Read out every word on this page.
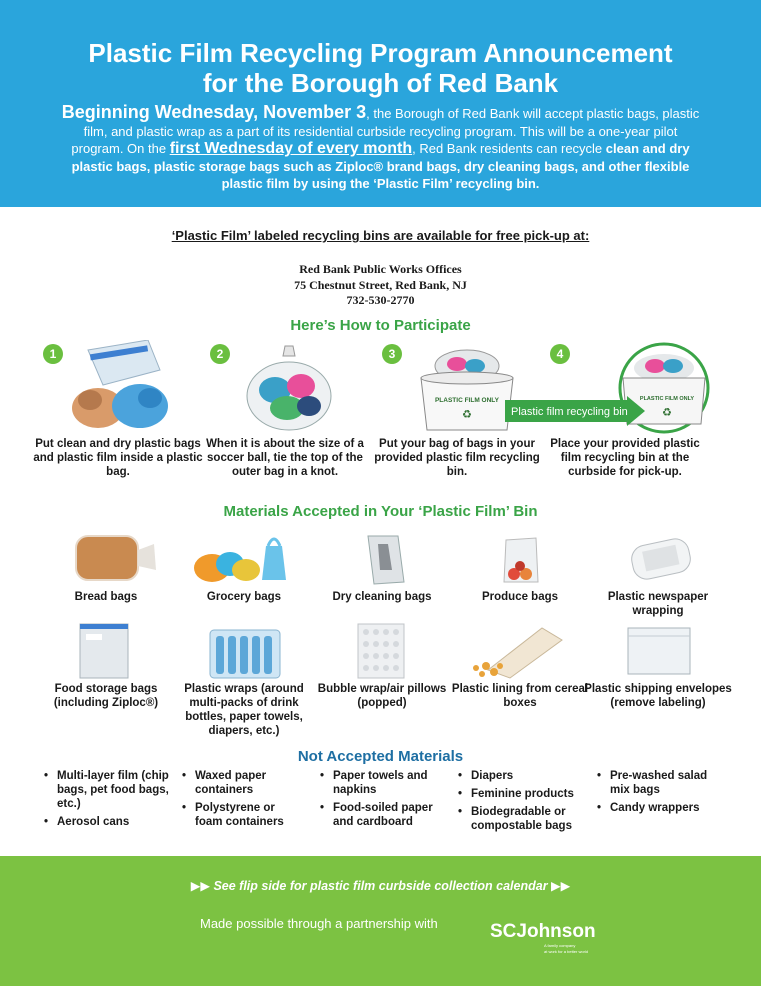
Plastic Film Recycling Program Announcement
for the Borough of Red Bank

Beginning Wednesday, November 3, the Borough of Red Bank will accept plastic bags, plastic film, and plastic wrap as a part of its residential curbside recycling program. This will be a one-year pilot program. On the first Wednesday of every month, Red Bank residents can recycle clean and dry plastic bags, plastic storage bags such as Ziploc® brand bags, dry cleaning bags, and other flexible plastic film by using the ‘Plastic Film’ recycling bin.

‘Plastic Film’ labeled recycling bins are available for free pick-up at:
Red Bank Public Works Offices
75 Chestnut Street, Red Bank, NJ
732-530-2770
Here’s How to Participate
1
Put clean and dry plastic bags and plastic film inside a plastic bag.
2
When it is about the size of a soccer ball, tie the top of the outer bag in a knot.
3
PLASTIC FILM ONLY
♻
Put your bag of bags in your provided plastic film recycling bin.
4
PLASTIC FILM ONLY
♻
Place your provided plastic film recycling bin at the curbside for pick-up.
Plastic film recycling bin
Materials Accepted in Your ‘Plastic Film’ Bin
Bread bags	Grocery bags	Dry cleaning bags	Produce bags	Plastic newspaper wrapping
Food storage bags (including Ziploc®)
Plastic wraps (around multi-packs of drink bottles, paper towels, diapers, etc.)
Bubble wrap/air pillows (popped)
Plastic lining from cereal boxes
Plastic shipping envelopes (remove labeling)
Not Accepted Materials
• Multi-layer film (chip bags, pet food bags, etc.)
• Aerosol cans
• Waxed paper containers
• Polystyrene or foam containers
• Paper towels and napkins
• Food-soiled paper and cardboard
• Diapers
• Feminine products
• Biodegradable or compostable bags
• Pre-washed salad mix bags
• Candy wrappers
▶▶ See flip side for plastic film curbside collection calendar ▶▶
Made possible through a partnership with	SCJohnson
A family company
at work for a better world
